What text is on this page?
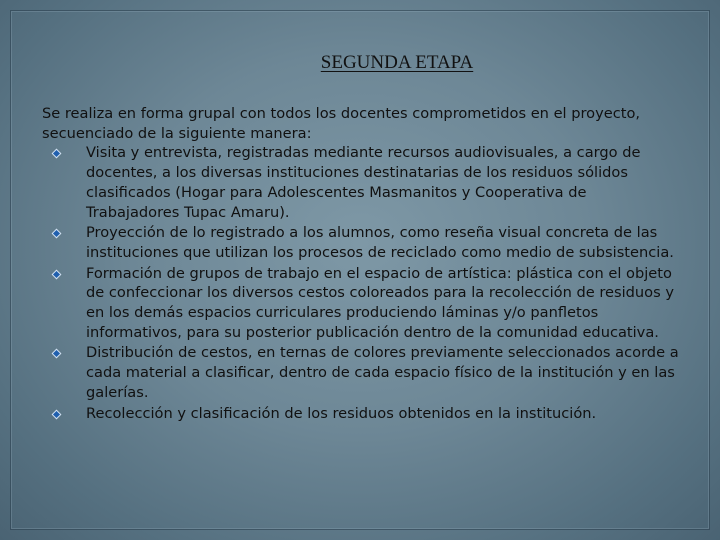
SEGUNDA ETAPA

Se realiza en forma grupal con todos los docentes comprometidos en el proyecto, secuenciado de la siguiente manera:

Visita y entrevista, registradas mediante recursos audiovisuales, a cargo de docentes, a los diversas instituciones destinatarias de los residuos sólidos clasificados (Hogar para Adolescentes Masmanitos y Cooperativa de Trabajadores Tupac Amaru).
Proyección de lo registrado a los alumnos, como reseña visual concreta de las instituciones que utilizan los procesos de reciclado como medio de subsistencia.
Formación de grupos de trabajo en el espacio de artística: plástica con el objeto de confeccionar los diversos cestos coloreados para la recolección de residuos y en los demás espacios curriculares produciendo láminas y/o panfletos informativos, para su posterior publicación dentro de la comunidad educativa.
Distribución de cestos, en ternas de colores previamente seleccionados acorde a cada material a clasificar, dentro de cada espacio físico de la institución y en las galerías.
Recolección y clasificación de los residuos obtenidos en la institución.
